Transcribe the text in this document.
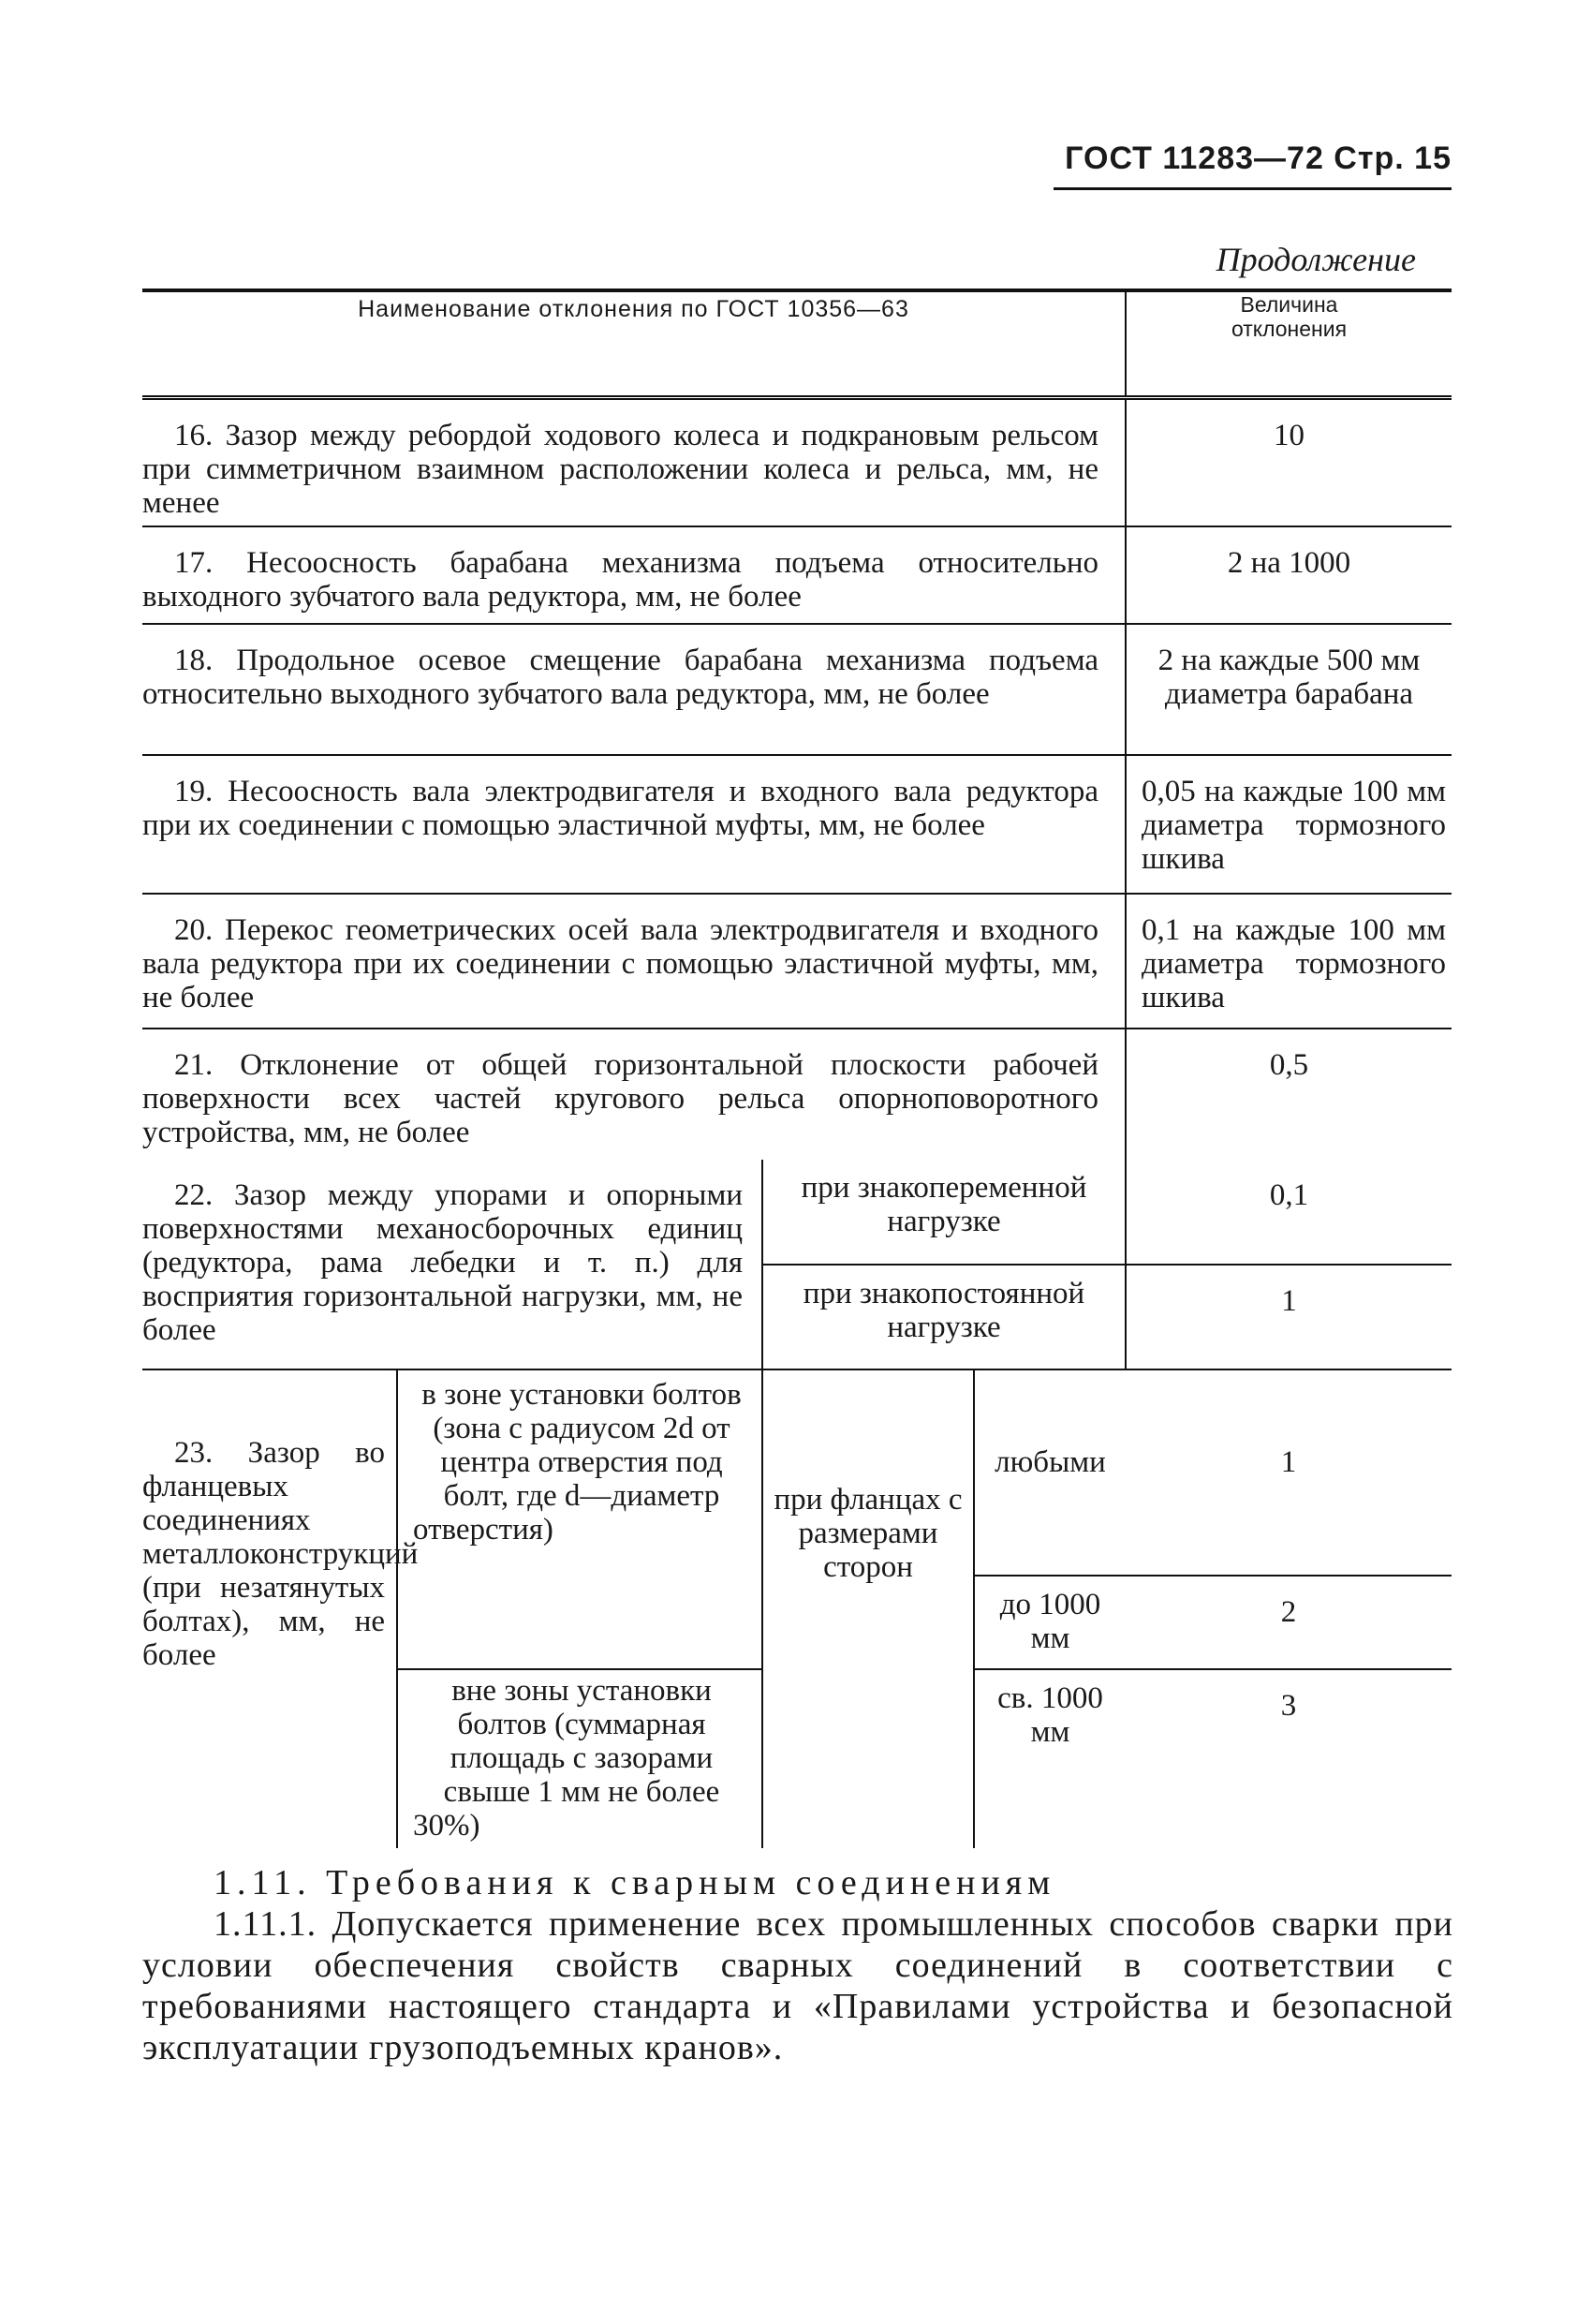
ГОСТ 11283—72 Стр. 15
Продолжение
Наименование отклонения по ГОСТ 10356—63				Величина
отклонения

16. Зазор между ребордой ходового колеса и подкрановым рельсом при симметричном взаимном расположении колеса и рельса, мм, не менее				10
17. Несоосность барабана механизма подъема относительно выходного зубчатого вала редуктора, мм, не более				2 на 1000
18. Продольное осевое смещение барабана механизма подъема относительно выходного зубчатого вала редуктора, мм, не более				2 на каждые 500 мм диаметра барабана
19. Несоосность вала электродвигателя и входного вала редуктора при их соединении с помощью эластичной муфты, мм, не более				0,05 на каждые 100 мм диаметра тормозного шкива
20. Перекос геометрических осей вала электродвигателя и входного вала редуктора при их соединении с помощью эластичной муфты, мм, не более				0,1 на каждые 100 мм диаметра тормозного шкива
21. Отклонение от общей горизонтальной плоскости рабочей поверхности всех частей кругового рельса опорноповоротного устройства, мм, не более				0,5
22. Зазор между упорами и опорными поверхностями механосборочных единиц (редуктора, рама лебедки и т. п.) для восприятия горизонтальной нагрузки, мм, не более		при знакопеременной нагрузке		0,1
		при знакопостоянной нагрузке		1
23. Зазор во фланцевых соединениях металлоконструкций (при незатянутых болтах), мм, не более	в зоне установки болтов (зона с радиусом 2d от центра отверстия под болт, где d—диаметр отверстия)	при фланцах с размерами сторон	любыми	1
			до 1000 мм	2
	вне зоны установки болтов (суммарная площадь с зазорами свыше 1 мм не более 30%)		св. 1000 мм	3
1.11. Требования к сварным соединениям
1.11.1. Допускается применение всех промышленных способов сварки при условии обеспечения свойств сварных соединений в соответствии с требованиями настоящего стандарта и «Правилами устройства и безопасной эксплуатации грузоподъемных кранов».
